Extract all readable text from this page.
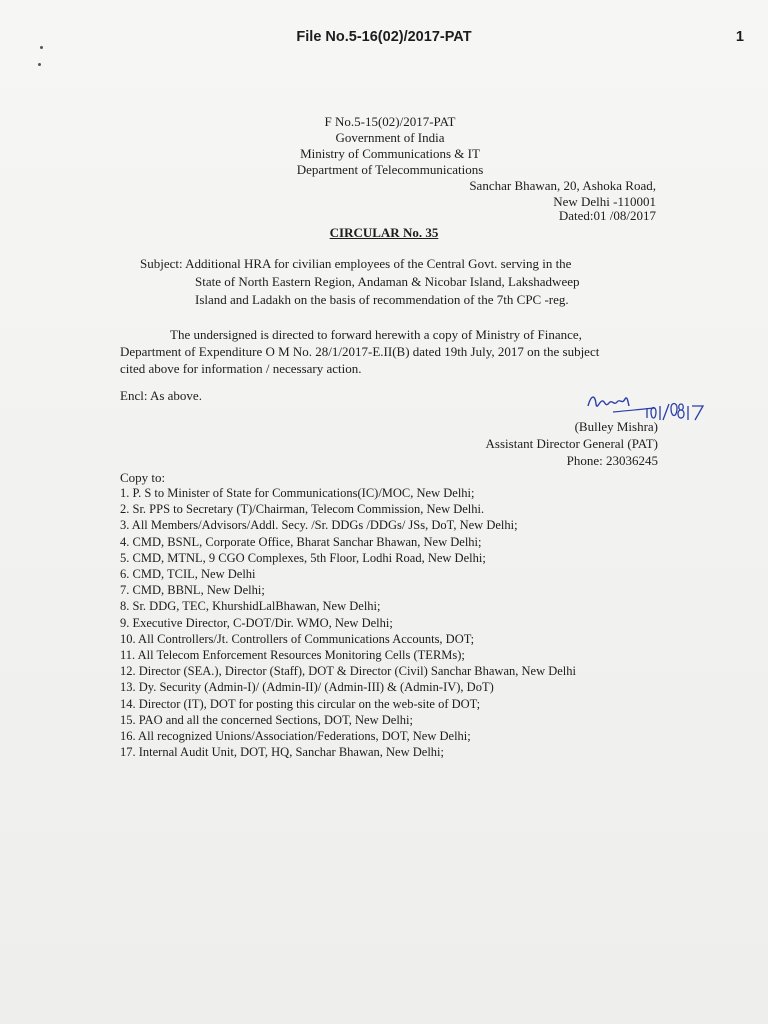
File No.5-16(02)/2017-PAT	1
F No.5-15(02)/2017-PAT
Government of India
Ministry of Communications & IT
Department of Telecommunications
Sanchar Bhawan, 20, Ashoka Road,
New Delhi -110001
Dated:01 /08/2017
CIRCULAR No. 35
Subject: Additional HRA for civilian employees of the Central Govt. serving in the
State of North Eastern Region, Andaman & Nicobar Island, Lakshadweep
Island and Ladakh on the basis of recommendation of the 7th CPC -reg.
The undersigned is directed to forward herewith a copy of Ministry of Finance,
Department of Expenditure O M No. 28/1/2017-E.II(B) dated 19th July, 2017 on the subject
cited above for information / necessary action.
Encl: As above.
(Bulley Mishra)
Assistant Director General (PAT)
Phone: 23036245
Copy to:
1. P. S to Minister of State for Communications(IC)/MOC, New Delhi;
2. Sr. PPS to Secretary (T)/Chairman, Telecom Commission, New Delhi.
3. All Members/Advisors/Addl. Secy. /Sr. DDGs /DDGs/ JSs, DoT, New Delhi;
4. CMD, BSNL, Corporate Office, Bharat Sanchar Bhawan, New Delhi;
5. CMD, MTNL, 9 CGO Complexes, 5th Floor, Lodhi Road, New Delhi;
6. CMD, TCIL, New Delhi
7. CMD, BBNL, New Delhi;
8. Sr. DDG, TEC, KhurshidLalBhawan, New Delhi;
9. Executive Director, C-DOT/Dir. WMO, New Delhi;
10. All Controllers/Jt. Controllers of Communications Accounts, DOT;
11. All Telecom Enforcement Resources Monitoring Cells (TERMs);
12. Director (SEA.), Director (Staff), DOT & Director (Civil) Sanchar Bhawan, New Delhi
13. Dy. Security (Admin-I)/ (Admin-II)/ (Admin-III) & (Admin-IV), DoT)
14. Director (IT), DOT for posting this circular on the web-site of DOT;
15. PAO and all the concerned Sections, DOT, New Delhi;
16. All recognized Unions/Association/Federations, DOT, New Delhi;
17. Internal Audit Unit, DOT, HQ, Sanchar Bhawan, New Delhi;
